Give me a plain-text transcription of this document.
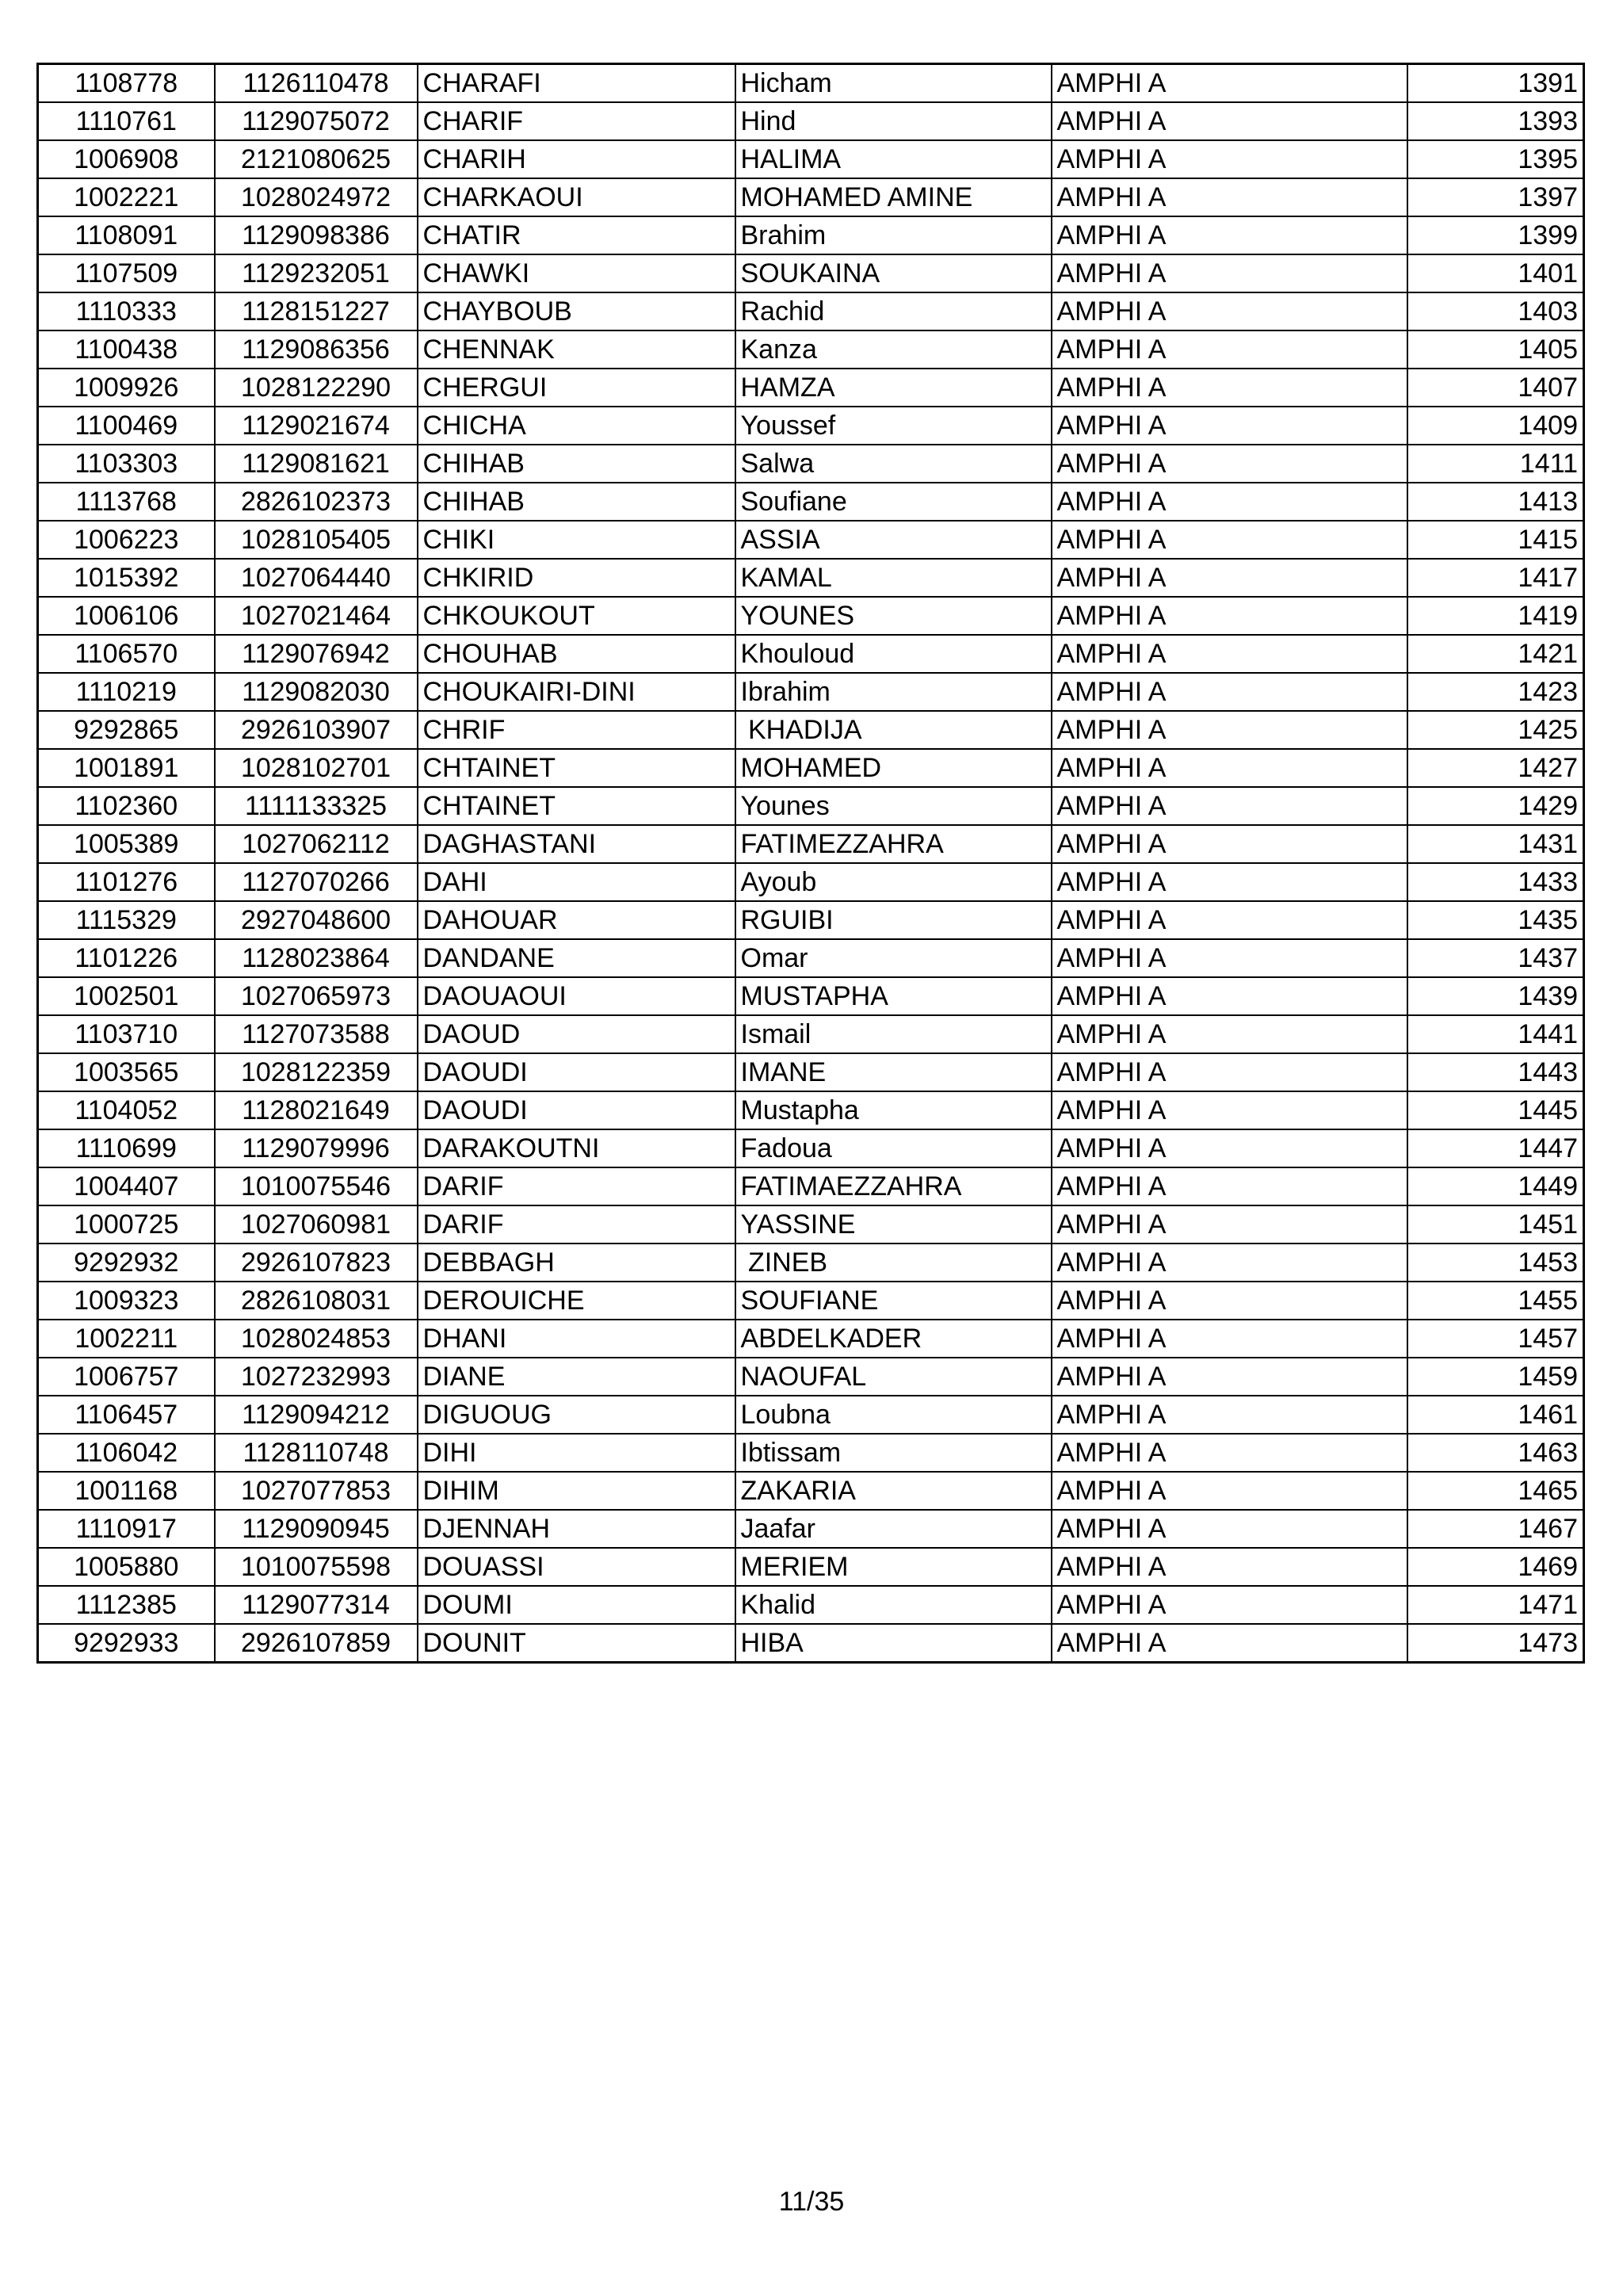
1108778	1126110478	CHARAFI	Hicham	AMPHI A	1391
1110761	1129075072	CHARIF	Hind	AMPHI A	1393
1006908	2121080625	CHARIH	HALIMA	AMPHI A	1395
1002221	1028024972	CHARKAOUI	MOHAMED AMINE	AMPHI A	1397
1108091	1129098386	CHATIR	Brahim	AMPHI A	1399
1107509	1129232051	CHAWKI	SOUKAINA	AMPHI A	1401
1110333	1128151227	CHAYBOUB	Rachid	AMPHI A	1403
1100438	1129086356	CHENNAK	Kanza	AMPHI A	1405
1009926	1028122290	CHERGUI	HAMZA	AMPHI A	1407
1100469	1129021674	CHICHA	Youssef	AMPHI A	1409
1103303	1129081621	CHIHAB	Salwa	AMPHI A	1411
1113768	2826102373	CHIHAB	Soufiane	AMPHI A	1413
1006223	1028105405	CHIKI	ASSIA	AMPHI A	1415
1015392	1027064440	CHKIRID	KAMAL	AMPHI A	1417
1006106	1027021464	CHKOUKOUT	YOUNES	AMPHI A	1419
1106570	1129076942	CHOUHAB	Khouloud	AMPHI A	1421
1110219	1129082030	CHOUKAIRI-DINI	Ibrahim	AMPHI A	1423
9292865	2926103907	CHRIF	KHADIJA	AMPHI A	1425
1001891	1028102701	CHTAINET	MOHAMED	AMPHI A	1427
1102360	1111133325	CHTAINET	Younes	AMPHI A	1429
1005389	1027062112	DAGHASTANI	FATIMEZZAHRA	AMPHI A	1431
1101276	1127070266	DAHI	Ayoub	AMPHI A	1433
1115329	2927048600	DAHOUAR	RGUIBI	AMPHI A	1435
1101226	1128023864	DANDANE	Omar	AMPHI A	1437
1002501	1027065973	DAOUAOUI	MUSTAPHA	AMPHI A	1439
1103710	1127073588	DAOUD	Ismail	AMPHI A	1441
1003565	1028122359	DAOUDI	IMANE	AMPHI A	1443
1104052	1128021649	DAOUDI	Mustapha	AMPHI A	1445
1110699	1129079996	DARAKOUTNI	Fadoua	AMPHI A	1447
1004407	1010075546	DARIF	FATIMAEZZAHRA	AMPHI A	1449
1000725	1027060981	DARIF	YASSINE	AMPHI A	1451
9292932	2926107823	DEBBAGH	ZINEB	AMPHI A	1453
1009323	2826108031	DEROUICHE	SOUFIANE	AMPHI A	1455
1002211	1028024853	DHANI	ABDELKADER	AMPHI A	1457
1006757	1027232993	DIANE	NAOUFAL	AMPHI A	1459
1106457	1129094212	DIGUOUG	Loubna	AMPHI A	1461
1106042	1128110748	DIHI	Ibtissam	AMPHI A	1463
1001168	1027077853	DIHIM	ZAKARIA	AMPHI A	1465
1110917	1129090945	DJENNAH	Jaafar	AMPHI A	1467
1005880	1010075598	DOUASSI	MERIEM	AMPHI A	1469
1112385	1129077314	DOUMI	Khalid	AMPHI A	1471
9292933	2926107859	DOUNIT	HIBA	AMPHI A	1473
11/35
